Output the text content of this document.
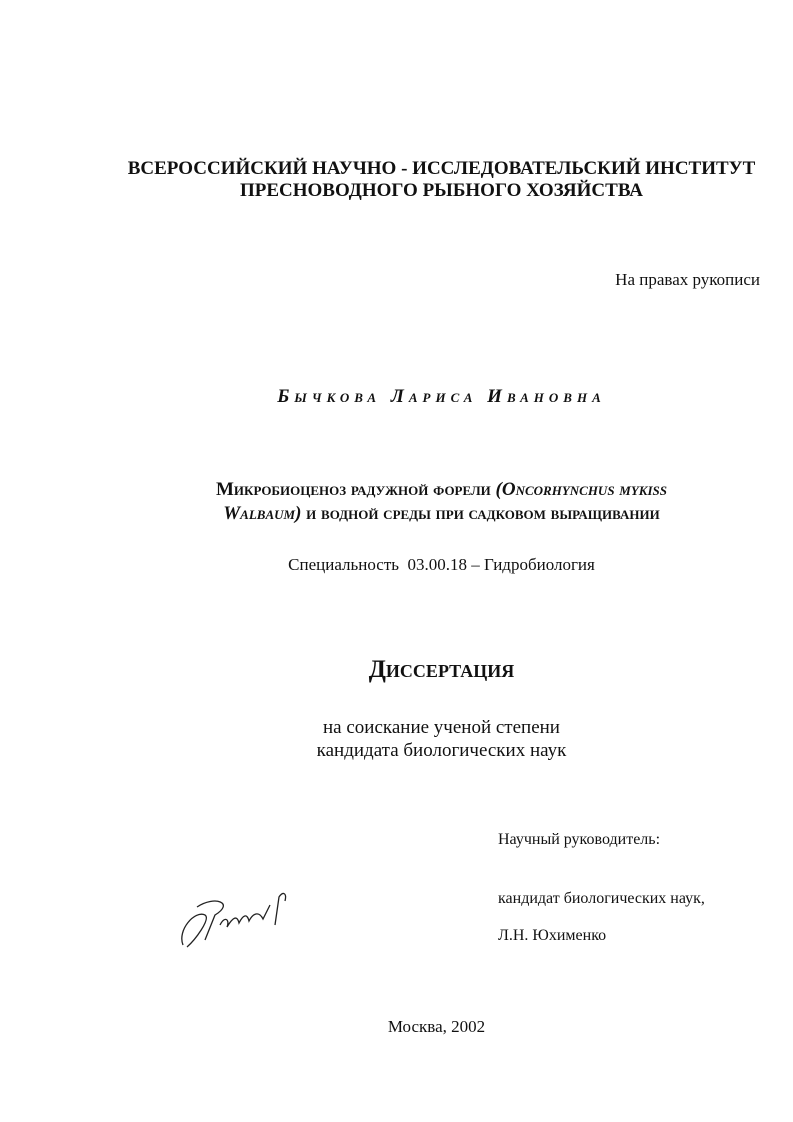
ВСЕРОССИЙСКИЙ НАУЧНО - ИССЛЕДОВАТЕЛЬСКИЙ ИНСТИТУТ
ПРЕСНОВОДНОГО РЫБНОГО ХОЗЯЙСТВА
На правах рукописи
Бычкова Лариса Ивановна
Микробиоценоз радужной форели (Oncorhynchus mykiss
Walbaum) и водной среды при садковом выращивании
Специальность  03.00.18 – Гидробиология
Диссертация
на соискание ученой степени
кандидата биологических наук
Научный руководитель:
кандидат биологических наук,
Л.Н. Юхименко
Москва, 2002
